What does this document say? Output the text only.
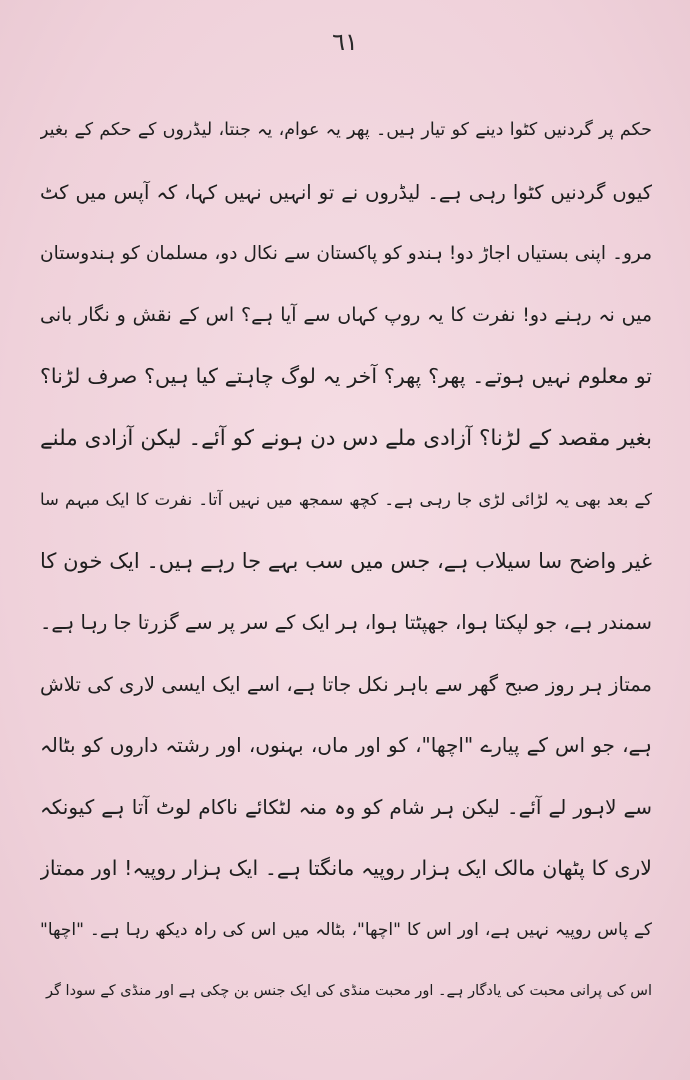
٦١
حکم پر گردنیں کٹوا دینے کو تیار ہیں۔ پھر یہ عوام، یہ جنتا، لیڈروں کے حکم کے بغیر
کیوں گردنیں کٹوا رہی ہے۔ لیڈروں نے تو انہیں نہیں کہا، کہ آپس میں کٹ
مرو۔ اپنی بستیاں اجاڑ دو! ہندو کو پاکستان سے نکال دو، مسلمان کو ہندوستان
میں نہ رہنے دو! نفرت کا یہ روپ کہاں سے آیا ہے؟ اس کے نقش و نگار بانی
تو معلوم نہیں ہوتے۔ پھر؟ پھر؟ آخر یہ لوگ چاہتے کیا ہیں؟ صرف لڑنا؟
بغیر مقصد کے لڑنا؟ آزادی ملے دس دن ہونے کو آئے۔ لیکن آزادی ملنے
کے بعد بھی یہ لڑائی لڑی جا رہی ہے۔ کچھ سمجھ میں نہیں آتا۔ نفرت کا ایک مبہم سا
غیر واضح سا سیلاب ہے، جس میں سب بہے جا رہے ہیں۔ ایک خون کا
سمندر ہے، جو لپکتا ہوا، جھپٹتا ہوا، ہر ایک کے سر پر سے گزرتا جا رہا ہے۔
ممتاز ہر روز صبح گھر سے باہر نکل جاتا ہے، اسے ایک ایسی لاری کی تلاش
ہے، جو اس کے پیارے "اچھا"، کو اور ماں، بہنوں، اور رشتہ داروں کو بٹالہ
سے لاہور لے آئے۔ لیکن ہر شام کو وہ منہ لٹکائے ناکام لوٹ آتا ہے کیونکہ
لاری کا پٹھان مالک ایک ہزار روپیہ مانگتا ہے۔ ایک ہزار روپیہ! اور ممتاز
کے پاس روپیہ نہیں ہے، اور اس کا "اچھا"، بٹالہ میں اس کی راہ دیکھ رہا ہے۔ "اچھا"
اس کی پرانی محبت کی یادگار ہے۔ اور محبت منڈی کی ایک جنس بن چکی ہے اور منڈی کے سودا گر
